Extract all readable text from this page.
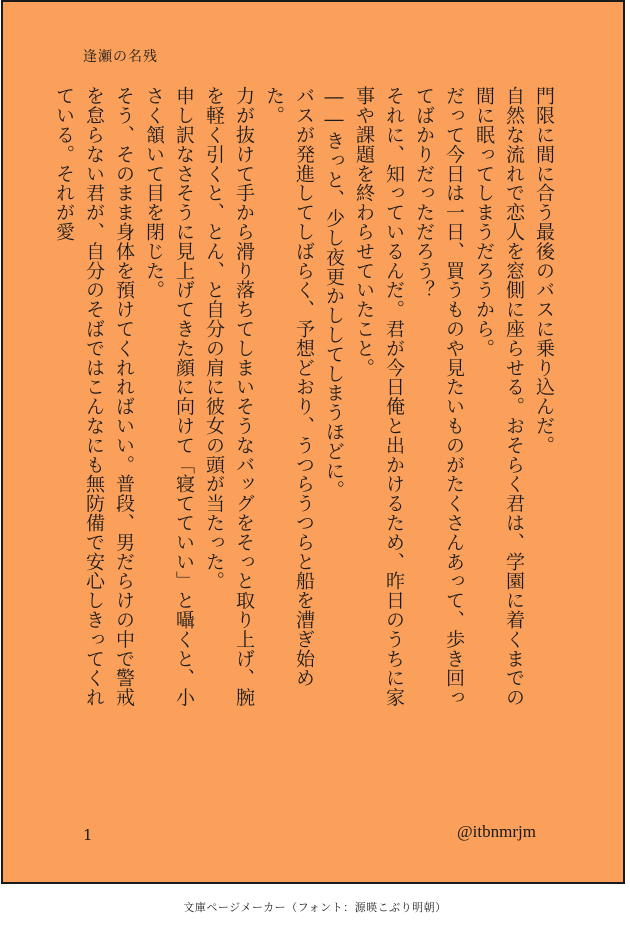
逢瀬の名残

門限に間に合う最後のバスに乗り込んだ。

自然な流れで恋人を窓側に座らせる。おそらく君は、学園に着くまでの間に眠ってしまうだろうから。

だって今日は一日、買うものや見たいものがたくさんあって、歩き回ってばかりだっただろう？

それに、知っているんだ。君が今日俺と出かけるため、昨日のうちに家事や課題を終わらせていたこと。

――きっと、少し夜更かししてしまうほどに。

バスが発進してしばらく、予想どおり、うつらうつらと船を漕ぎ始めた。

力が抜けて手から滑り落ちてしまいそうなバッグをそっと取り上げ、腕を軽く引くと、とん、と自分の肩に彼女の頭が当たった。

申し訳なさそうに見上げてきた顔に向けて「寝てていい」と囁くと、小さく頷いて目を閉じた。

そう、そのまま身体を預けてくれればいい。普段、男だらけの中で警戒を怠らない君が、自分のそばではこんなにも無防備で安心しきってくれている。それが愛

1	@itbnmrjm
文庫ページメーカー（フォント：源暎こぶり明朝）
